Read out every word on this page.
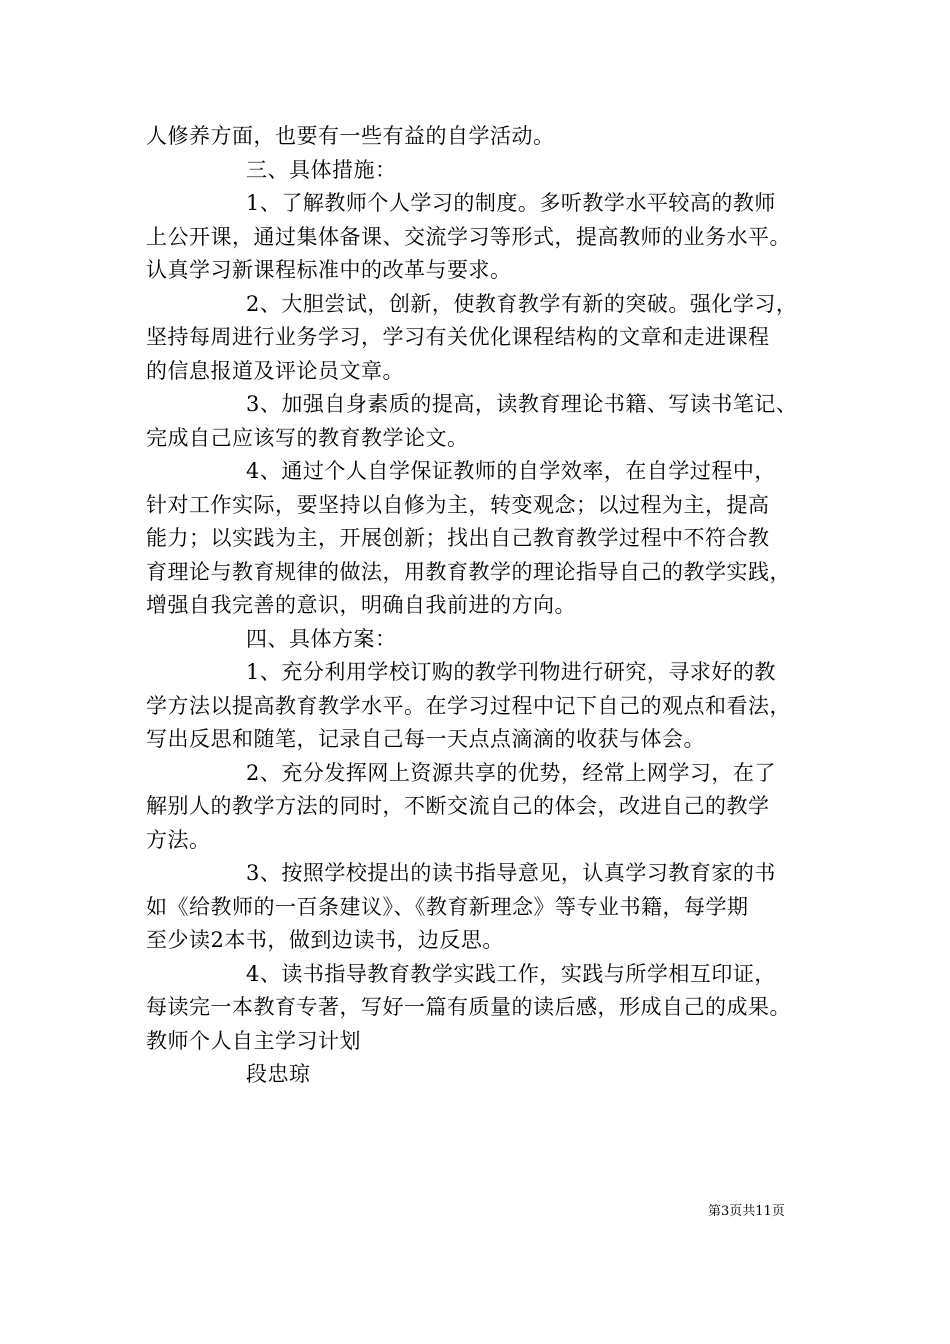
人修养方面，也要有一些有益的自学活动。
三、具体措施：
1、了解教师个人学习的制度。多听教学水平较高的教师
上公开课，通过集体备课、交流学习等形式，提高教师的业务水平。
认真学习新课程标准中的改革与要求。
2、大胆尝试，创新，使教育教学有新的突破。强化学习，
坚持每周进行业务学习，学习有关优化课程结构的文章和走进课程
的信息报道及评论员文章。
3、加强自身素质的提高，读教育理论书籍、写读书笔记、
完成自己应该写的教育教学论文。
4、通过个人自学保证教师的自学效率，在自学过程中，
针对工作实际，要坚持以自修为主，转变观念；以过程为主，提高
能力；以实践为主，开展创新；找出自己教育教学过程中不符合教
育理论与教育规律的做法，用教育教学的理论指导自己的教学实践，
增强自我完善的意识，明确自我前进的方向。
四、具体方案：
1、充分利用学校订购的教学刊物进行研究，寻求好的教
学方法以提高教育教学水平。在学习过程中记下自己的观点和看法，
写出反思和随笔，记录自己每一天点点滴滴的收获与体会。
2、充分发挥网上资源共享的优势，经常上网学习，在了
解别人的教学方法的同时，不断交流自己的体会，改进自己的教学
方法。
3、按照学校提出的读书指导意见，认真学习教育家的书
如《给教师的一百条建议》、《教育新理念》等专业书籍，每学期
至少读2本书，做到边读书，边反思。
4、读书指导教育教学实践工作，实践与所学相互印证，
每读完一本教育专著，写好一篇有质量的读后感，形成自己的成果。
教师个人自主学习计划
段忠琼
第3页共11页
